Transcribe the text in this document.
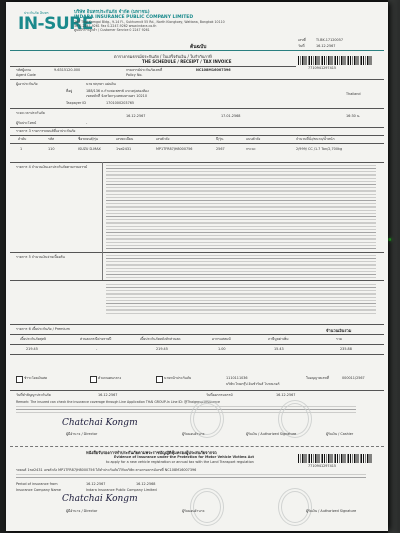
ประกันภัย อินทร
IN-SURE
บริษัท อินทรประกันภัย จำกัด (มหาชน)
INDARA INSURANCE PUBLIC COMPANY LIMITED
364 Thai Kamgai Bldg., 9-14 Fl., Sukhumvit 55 Rd., North Klongtoey, Wattana, Bangkok 10110
Tel 0-2247-9261 Fax 0-2247-9262 www.indara.co.th
ศูนย์บริการลูกค้า / Customer Service 0 2247 9261
เลขที่	TI.BK.17120057
วันที่	16.12.2567
ต้นฉบับ
ตารางกรมธรรม์ประกันภัย / ใบเสร็จรับเงิน / ใบกำกับภาษี
THE SCHEDULE / RECEIPT / TAX INVOICE
7710941297415
รหัสผู้แทน	9-6315120-000
Agent Code
กรมธรรม์ประกันภัยเลขที่
Policy No.
NC108M16007396
ผู้เอาประกันภัย	นาย พฤกษา แผ่นดิน
ที่อยู่	188/136 ถ.กำแพงเพชร6 แขวงทุ่งสองห้อง
เขตหลักสี่ จังหวัดกรุงเทพมหานคร 10210
Taxpayer ID	1701000203765
Thailand
ระยะเวลาประกันภัย
16.12.2567	17.01.2568	16:30 น.
ผู้รับประโยชน์	-
รายการ 3 รายการรถยนต์ที่เอาประกันภัย
ลำดับ	รหัส	ชื่อรถยนต์/รุ่น	เลขทะเบียน	เลขตัวถัง	ปี/รุ่น	แบบตัวถัง	จำนวนที่นั่ง/ขนาด/น้ำหนัก
1	110	ISUZU D-MAX	1ขส2431	MP1TFR87JH8000756	2567	กระบะ	2/999/ CC /1.7 Ton/2,700kg
รายการ 4 จำนวนเงินเอาประกันภัยตามกรมธรรม์
รายการ 5 จำนวนเงินจ่ายเบื้องต้น
รายการ 6 เบี้ยประกันภัย / Premium	จำนวนเงินรวม
เบี้ยประกันภัยสุทธิ	ส่วนลดกรณีจ่ายรายปี	เบี้ยประกันภัยหลังหักส่วนลด	อากรแสตมป์	ภาษีมูลค่าเพิ่ม	รวม
219.45	-	219.45	1.00	15.43	235.88
ชำระโดยเงินสด	ตัวแทนคนกลาง	นายหน้าประกันภัย	1110111036
บริษัท ไทยกรุ๊ป อินชัวรันส์ โบรคเกอร์
ใบอนุญาตเลขที่	000011/2567
วันที่ทำสัญญาประกันภัย	16.12.2567	วันที่ออกกรมธรรม์	16.12.2567
Remark: The insured can check the insurance coverage through Line Application THAI GROUP-In Line ID: @Thaigroup-insurance
Chatchai Kongm
ผู้มีอำนาจ / Director	ผู้รับมอบอำนาจ	ผู้รับเงิน / Authorized Signature	ผู้รับเงิน / Cashier
หนังสือรับรองการทำประกันภัยตามพระราชบัญญัติคุ้มครองผู้ประสบภัยจากรถ
Evidence of Insurance under the Protection for Motor Vehicle Victims Act
to apply for a new vehicle registration or annual tax with the Land Transport regulation
7710941297415
รถยนต์ 1ขส2431 เลขตัวถัง MP1TFR87JH8000756 ได้ทำประกันภัยไว้กับบริษัท ตามกรมธรรม์เลขที่ NC108M16007396
Period of insurance from	16.12.2567	16.12.2568
Insurance Company Name	Indara Insurance Public Company Limited
Chatchai Kongm
ผู้มีอำนาจ / Director	ผู้รับมอบอำนาจ	ผู้รับเงิน / Authorized Signature
